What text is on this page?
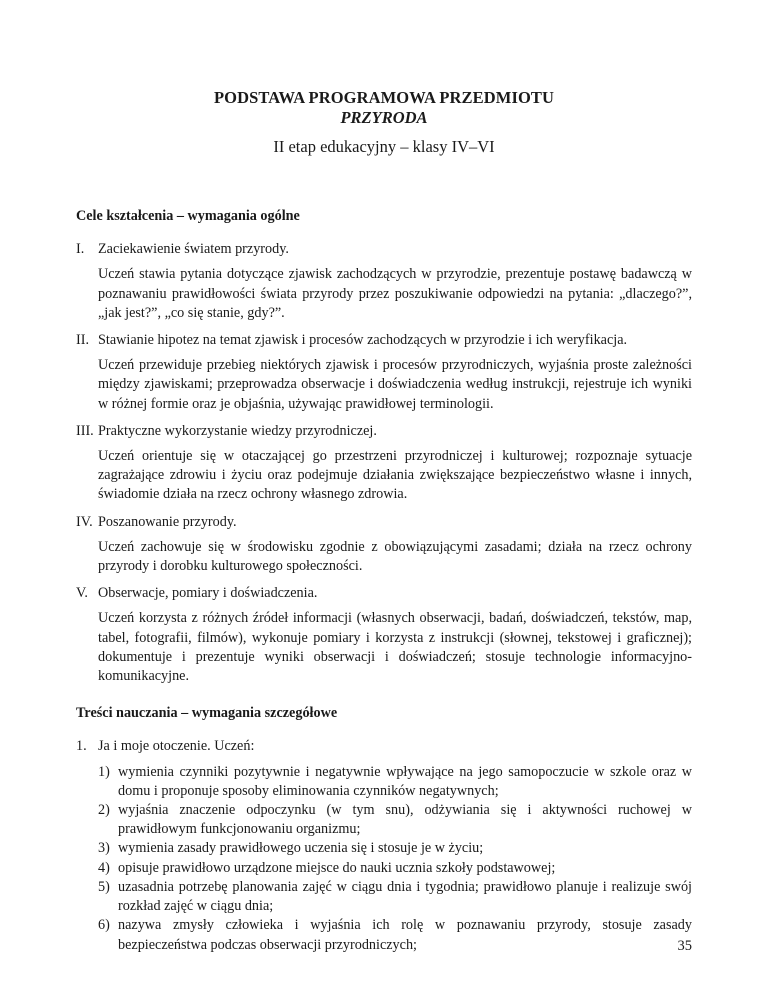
PODSTAWA PROGRAMOWA PRZEDMIOTU
PRZYRODA
II etap edukacyjny – klasy IV–VI
Cele kształcenia – wymagania ogólne
I. Zaciekawienie światem przyrody.
Uczeń stawia pytania dotyczące zjawisk zachodzących w przyrodzie, prezentuje postawę badawczą w poznawaniu prawidłowości świata przyrody przez poszukiwanie odpowiedzi na pytania: „dlaczego?”, „jak jest?”, „co się stanie, gdy?”.
II. Stawianie hipotez na temat zjawisk i procesów zachodzących w przyrodzie i ich weryfikacja.
Uczeń przewiduje przebieg niektórych zjawisk i procesów przyrodniczych, wyjaśnia proste zależności między zjawiskami; przeprowadza obserwacje i doświadczenia według instrukcji, rejestruje ich wyniki w różnej formie oraz je objaśnia, używając prawidłowej terminologii.
III. Praktyczne wykorzystanie wiedzy przyrodniczej.
Uczeń orientuje się w otaczającej go przestrzeni przyrodniczej i kulturowej; rozpoznaje sytuacje zagrażające zdrowiu i życiu oraz podejmuje działania zwiększające bezpieczeństwo własne i innych, świadomie działa na rzecz ochrony własnego zdrowia.
IV. Poszanowanie przyrody.
Uczeń zachowuje się w środowisku zgodnie z obowiązującymi zasadami; działa na rzecz ochrony przyrody i dorobku kulturowego społeczności.
V. Obserwacje, pomiary i doświadczenia.
Uczeń korzysta z różnych źródeł informacji (własnych obserwacji, badań, doświadczeń, tekstów, map, tabel, fotografii, filmów), wykonuje pomiary i korzysta z instrukcji (słownej, tekstowej i graficznej); dokumentuje i prezentuje wyniki obserwacji i doświadczeń; stosuje technologie informacyjno-komunikacyjne.
Treści nauczania – wymagania szczegółowe
1. Ja i moje otoczenie. Uczeń:
1) wymienia czynniki pozytywnie i negatywnie wpływające na jego samopoczucie w szkole oraz w domu i proponuje sposoby eliminowania czynników negatywnych;
2) wyjaśnia znaczenie odpoczynku (w tym snu), odżywiania się i aktywności ruchowej w prawidłowym funkcjonowaniu organizmu;
3) wymienia zasady prawidłowego uczenia się i stosuje je w życiu;
4) opisuje prawidłowo urządzone miejsce do nauki ucznia szkoły podstawowej;
5) uzasadnia potrzebę planowania zajęć w ciągu dnia i tygodnia; prawidłowo planuje i realizuje swój rozkład zajęć w ciągu dnia;
6) nazywa zmysły człowieka i wyjaśnia ich rolę w poznawaniu przyrody, stosuje zasady bezpieczeństwa podczas obserwacji przyrodniczych;	35
